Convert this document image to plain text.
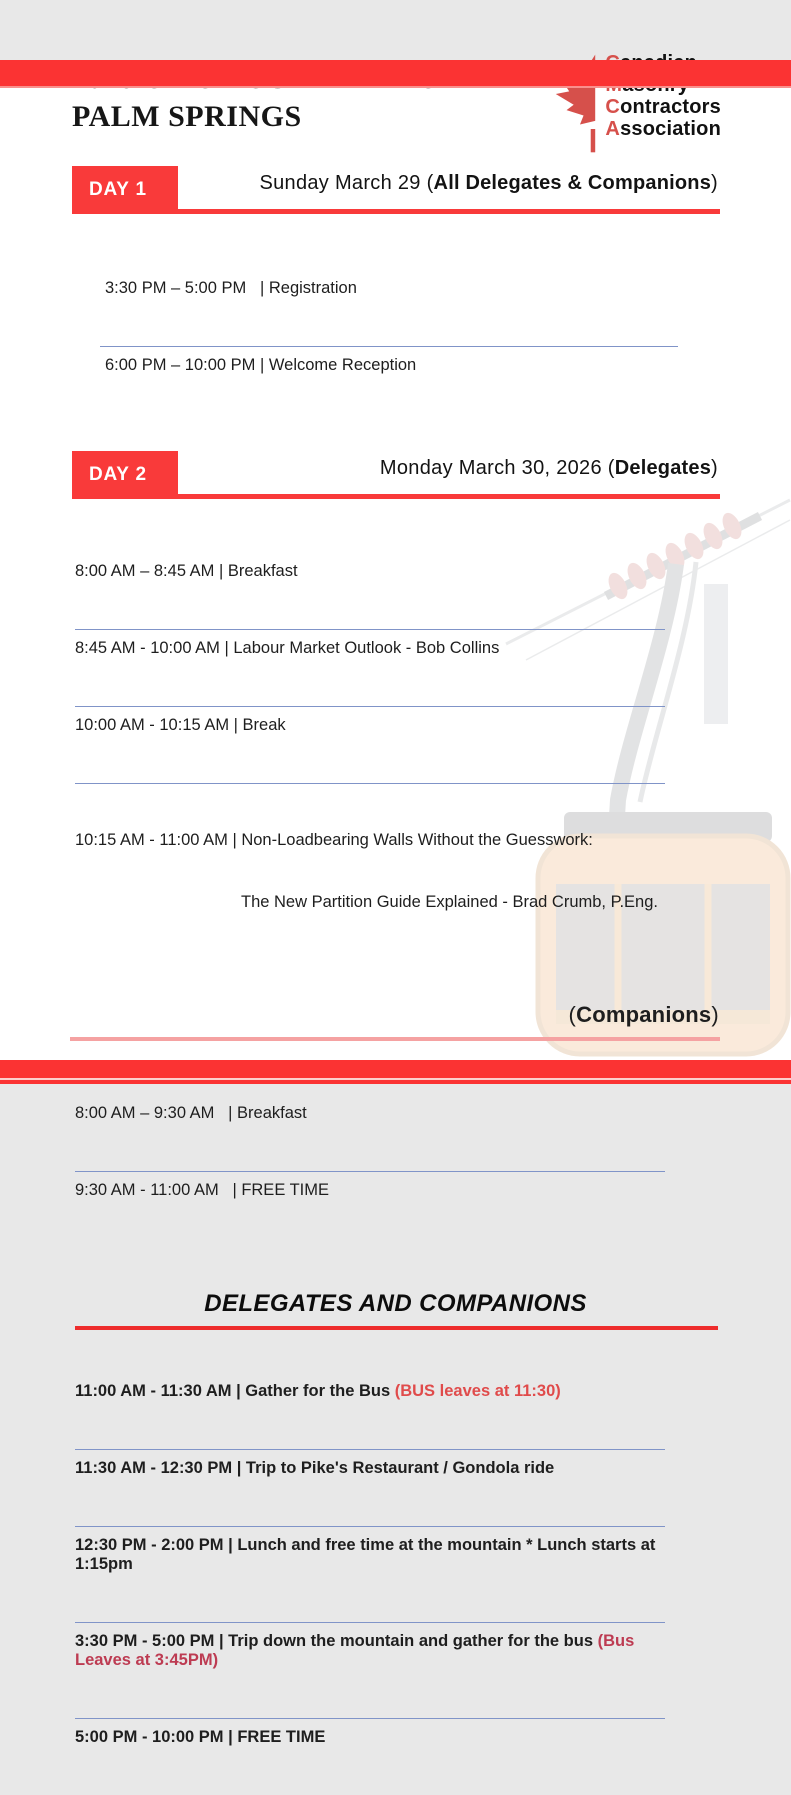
PALM SPRINGS	Contractors
Association
DAY 1	Sunday March 29 (All Delegates & Companions)

3:30 PM – 5:00 PM   | Registration

6:00 PM – 10:00 PM | Welcome Reception

DAY 2	Monday March 30, 2026 (Delegates)

8:00 AM – 8:45 AM | Breakfast

8:45 AM - 10:00 AM | Labour Market Outlook - Bob Collins

10:00 AM - 10:15 AM | Break

10:15 AM - 11:00 AM | Non-Loadbearing Walls Without the Guesswork:

The New Partition Guide Explained - Brad Crumb, P.Eng.

(Companions)

8:00 AM – 9:30 AM   | Breakfast

9:30 AM - 11:00 AM   | FREE TIME

DELEGATES AND COMPANIONS

11:00 AM - 11:30 AM | Gather for the Bus (BUS leaves at 11:30)

11:30 AM - 12:30 PM | Trip to Pike's Restaurant / Gondola ride

12:30 PM - 2:00 PM | Lunch and free time at the mountain * Lunch starts at 1:15pm

3:30 PM - 5:00 PM | Trip down the mountain and gather for the bus (Bus Leaves at 3:45PM)

5:00 PM - 10:00 PM | FREE TIME
